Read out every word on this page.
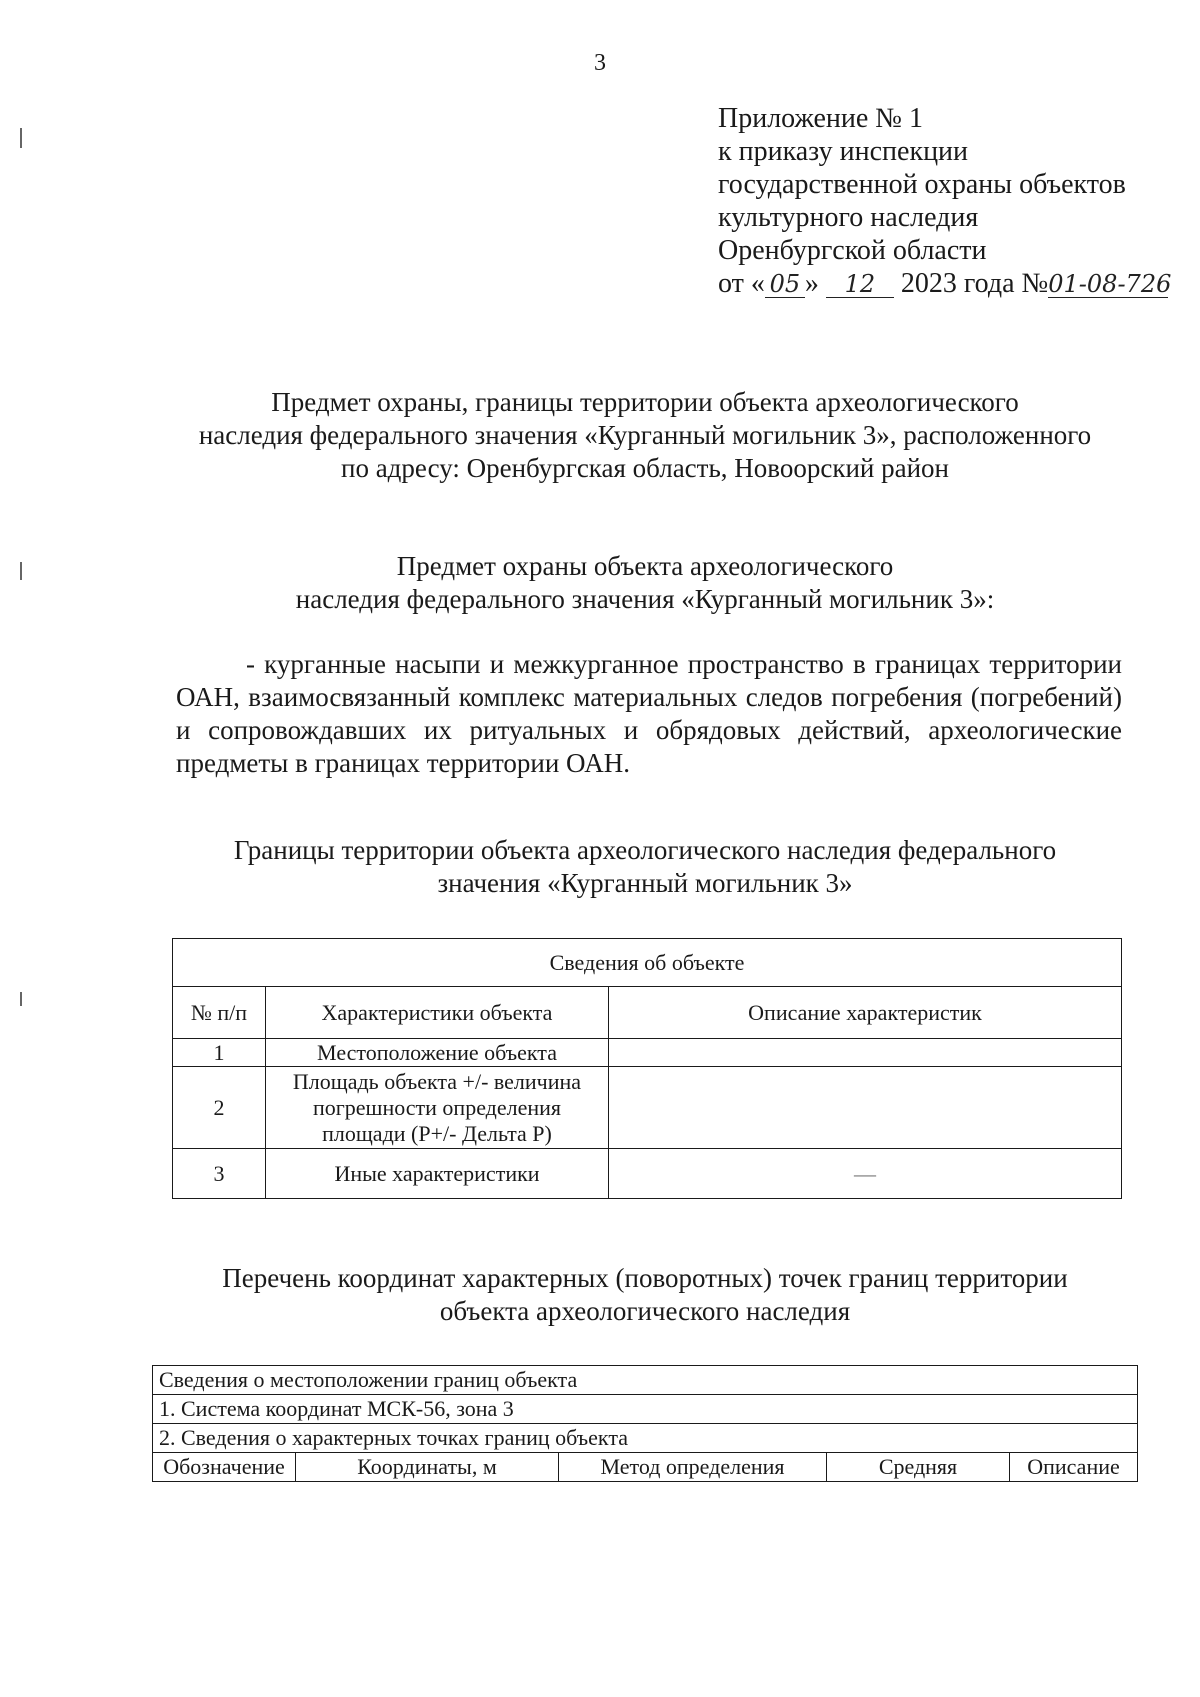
3
Приложение № 1
к приказу инспекции
государственной охраны объектов
культурного наследия
Оренбургской области
от « 05 » 12 2023 года №01-08-726
Предмет охраны, границы территории объекта археологического
наследия федерального значения «Курганный могильник 3», расположенного
по адресу: Оренбургская область, Новоорский район
Предмет охраны объекта археологического
наследия федерального значения «Курганный могильник 3»:
- курганные насыпи и межкурганное пространство в границах территории ОАН, взаимосвязанный комплекс материальных следов погребения (погребений) и сопровождавших их ритуальных и обрядовых действий, археологические предметы в границах территории ОАН.
Границы территории объекта археологического наследия федерального
значения «Курганный могильник 3»
Сведения об объекте		
№ п/п	Характеристики объекта	Описание характеристик
1	Местоположение объекта	
2	Площадь объекта +/- величина погрешности определения площади (P+/- Дельта P)	
3	Иные характеристики	—
Перечень координат характерных (поворотных) точек границ территории
объекта археологического наследия
Сведения о местоположении границ объекта
1. Система координат МСК-56, зона 3
2. Сведения о характерных точках границ объекта
Обозначение	Координаты, м	Метод определения	Средняя	Описание
